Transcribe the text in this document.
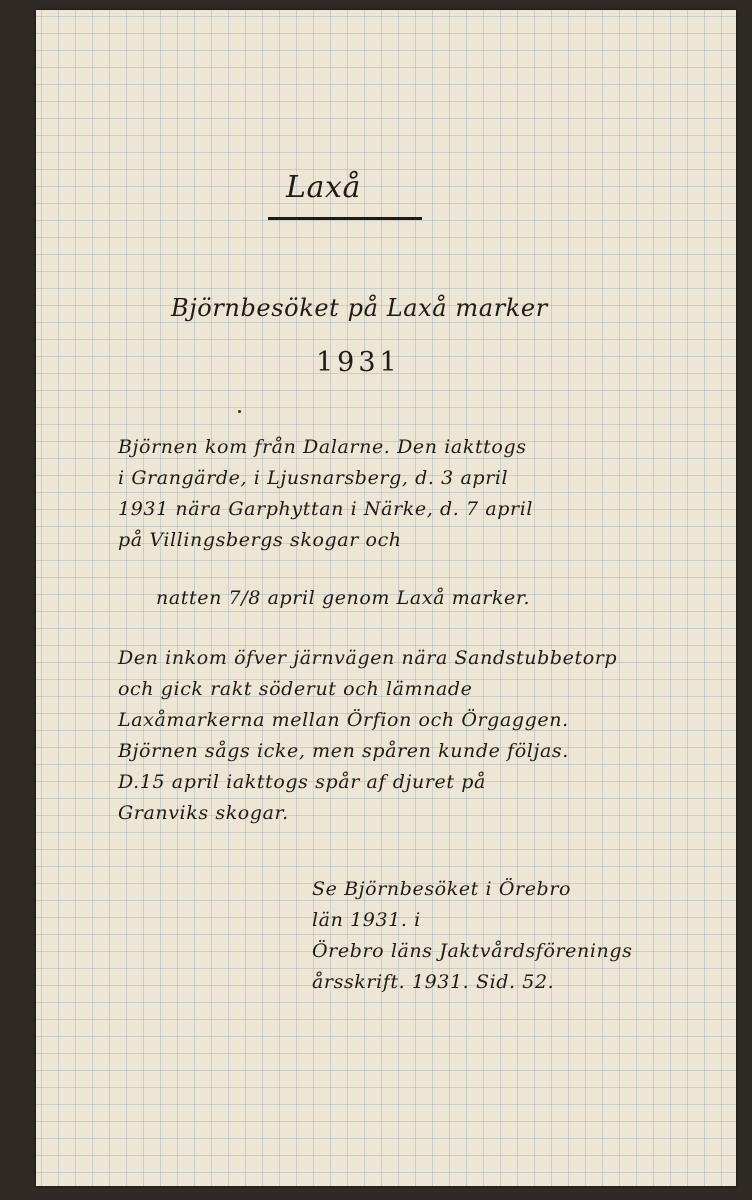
Laxå
Björnbesöket på Laxå marker
1931
Björnen kom från Dalarne. Den iakttogs
i Grangärde, i Ljusnarsberg, d. 3 april
1931 nära Garphyttan i Närke, d. 7 april
på Villingsbergs skogar och
natten 7/8 april genom Laxå marker.
Den inkom öfver järnvägen nära Sandstubbetorp
och gick rakt söderut och lämnade
Laxåmarkerna mellan Örfion och Örgaggen.
Björnen sågs icke, men spåren kunde följas.
D.15 april iakttogs spår af djuret på
Granviks skogar.
Se Björnbesöket i Örebro
län 1931. i
Örebro läns Jaktvårdsförenings
årsskrift. 1931. Sid. 52.
